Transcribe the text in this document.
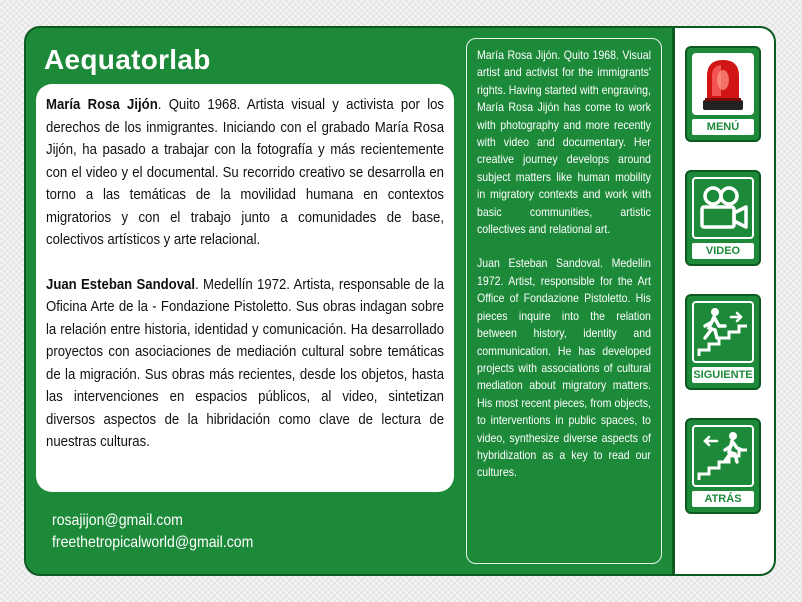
Aequatorlab

María Rosa Jijón. Quito 1968. Artista visual y activista por los derechos de los inmigrantes. Iniciando con el grabado María Rosa Jijón, ha pasado a trabajar con la fotografía y más recientemente con el video y el documental. Su recorrido creativo se desarrolla en torno a las temáticas de la movilidad humana en contextos migratorios y con el trabajo junto a comunidades de base, colectivos artísticos y arte relacional.

Juan Esteban Sandoval. Medellín 1972. Artista, responsable de la Oficina Arte de la - Fondazione Pistoletto. Sus obras indagan sobre la relación entre historia, identidad y comunicación. Ha desarrollado proyectos con asociaciones de mediación cultural sobre temáticas de la migración. Sus obras más recientes, desde los objetos, hasta las intervenciones en espacios públicos, al video, sintetizan diversos aspectos de la hibridación como clave de lectura de nuestras culturas.

rosajijon@gmail.com
freethetropicalworld@gmail.com

María Rosa Jijón. Quito 1968. Visual artist and activist for the immigrants' rights. Having started with engraving, María Rosa Jijón has come to work with photography and more recently with video and documentary. Her creative journey develops around subject matters like human mobility in migratory contexts and work with basic communities, artistic collectives and relational art.

Juan Esteban Sandoval. Medellin 1972. Artist, responsible for the Art Office of Fondazione Pistoletto. His pieces inquire into the relation between history, identity and communication. He has developed projects with associations of cultural mediation about migratory matters. His most recent pieces, from objects, to interventions in public spaces, to video, synthesize diverse aspects of hybridization as a key to read our cultures.

MENÚ
VIDEO
SIGUIENTE
ATRÁS
